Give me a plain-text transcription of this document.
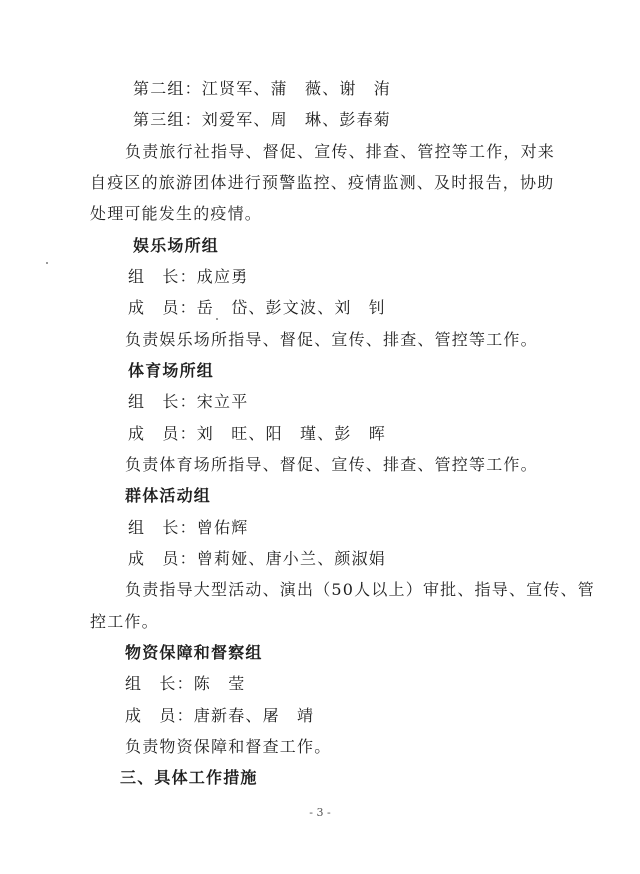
第二组：江贤军、蒲　薇、谢　洧
第三组：刘爱军、周　琳、彭春菊
负责旅行社指导、督促、宣传、排查、管控等工作，对来
自疫区的旅游团体进行预警监控、疫情监测、及时报告，协助
处理可能发生的疫情。
娱乐场所组
组　长：成应勇
成　员：岳　岱、彭文波、刘　钊
负责娱乐场所指导、督促、宣传、排查、管控等工作。
体育场所组
组　长：宋立平
成　员：刘　旺、阳　瑾、彭　晖
负责体育场所指导、督促、宣传、排查、管控等工作。
群体活动组
组　长：曾佑辉
成　员：曾莉娅、唐小兰、颜淑娟
负责指导大型活动、演出（50人以上）审批、指导、宣传、管
控工作。
物资保障和督察组
组　长：陈　莹
成　员：唐新春、屠　靖
负责物资保障和督查工作。
三、具体工作措施
- 3 -
